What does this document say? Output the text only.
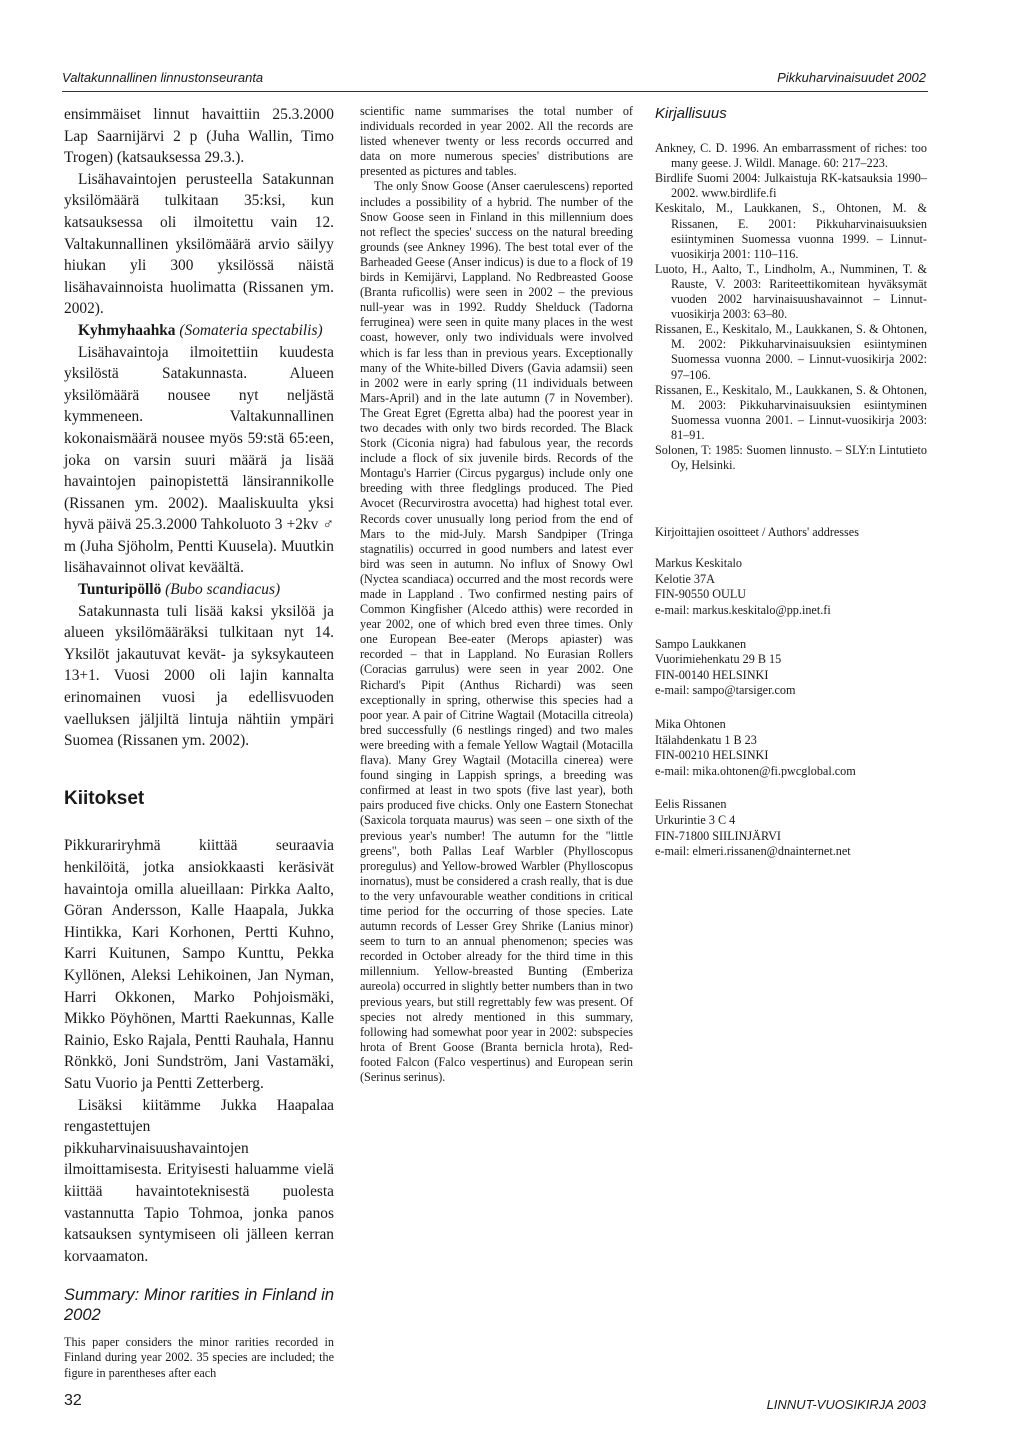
Valtakunnallinen linnustonseuranta	Pikkuharvinaisuudet 2002

ensimmäiset linnut havaittiin 25.3.2000 Lap Saarnijärvi 2 p (Juha Wallin, Timo Trogen) (katsauksessa 29.3.).

Lisähavaintojen perusteella Satakunnan yksilömäärä tulkitaan 35:ksi, kun katsauksessa oli ilmoitettu vain 12. Valtakunnallinen yksilömäärä arvio säilyy hiukan yli 300 yksilössä näistä lisähavainnoista huolimatta (Rissanen ym. 2002).

Kyhmyhaahka (Somateria spectabilis)

Lisähavaintoja ilmoitettiin kuudesta yksilöstä Satakunnasta. Alueen yksilömäärä nousee nyt neljästä kymmeneen. Valtakunnallinen kokonaismäärä nousee myös 59:stä 65:een, joka on varsin suuri määrä ja lisää havaintojen painopistettä länsirannikolle (Rissanen ym. 2002). Maaliskuulta yksi hyvä päivä 25.3.2000 Tahkoluoto 3 +2kv ♂ m (Juha Sjöholm, Pentti Kuusela). Muutkin lisähavainnot olivat keväältä.

Tunturipöllö (Bubo scandiacus)

Satakunnasta tuli lisää kaksi yksilöä ja alueen yksilömääräksi tulkitaan nyt 14. Yksilöt jakautuvat kevät- ja syksykauteen 13+1. Vuosi 2000 oli lajin kannalta erinomainen vuosi ja edellisvuoden vaelluksen jäljiltä lintuja nähtiin ympäri Suomea (Rissanen ym. 2002).

Kiitokset

Pikkurariryhmä kiittää seuraavia henkilöitä, jotka ansiokkaasti keräsivät havaintoja omilla alueillaan: Pirkka Aalto, Göran Andersson, Kalle Haapala, Jukka Hintikka, Kari Korhonen, Pertti Kuhno, Karri Kuitunen, Sampo Kunttu, Pekka Kyllönen, Aleksi Lehikoinen, Jan Nyman, Harri Okkonen, Marko Pohjoismäki, Mikko Pöyhönen, Martti Raekunnas, Kalle Rainio, Esko Rajala, Pentti Rauhala, Hannu Rönkkö, Joni Sundström, Jani Vastamäki, Satu Vuorio ja Pentti Zetterberg.

Lisäksi kiitämme Jukka Haapalaa rengastettujen pikkuharvinaisuushavaintojen ilmoittamisesta. Erityisesti haluamme vielä kiittää havaintoteknisestä puolesta vastannutta Tapio Tohmoa, jonka panos katsauksen syntymiseen oli jälleen kerran korvaamaton.

Summary: Minor rarities in Finland in 2002

This paper considers the minor rarities recorded in Finland during year 2002. 35 species are included; the figure in parentheses after each

scientific name summarises the total number of individuals recorded in year 2002. All the records are listed whenever twenty or less records occurred and data on more numerous species' distributions are presented as pictures and tables.

The only Snow Goose (Anser caerulescens) reported includes a possibility of a hybrid. The number of the Snow Goose seen in Finland in this millennium does not reflect the species' success on the natural breeding grounds (see Ankney 1996). The best total ever of the Barheaded Geese (Anser indicus) is due to a flock of 19 birds in Kemijärvi, Lappland. No Redbreasted Goose (Branta ruficollis) were seen in 2002 – the previous null-year was in 1992. Ruddy Shelduck (Tadorna ferruginea) were seen in quite many places in the west coast, however, only two individuals were involved which is far less than in previous years. Exceptionally many of the White-billed Divers (Gavia adamsii) seen in 2002 were in early spring (11 individuals between Mars-April) and in the late autumn (7 in November). The Great Egret (Egretta alba) had the poorest year in two decades with only two birds recorded. The Black Stork (Ciconia nigra) had fabulous year, the records include a flock of six juvenile birds. Records of the Montagu's Harrier (Circus pygargus) include only one breeding with three fledglings produced. The Pied Avocet (Recurvirostra avocetta) had highest total ever. Records cover unusually long period from the end of Mars to the mid-July. Marsh Sandpiper (Tringa stagnatilis) occurred in good numbers and latest ever bird was seen in autumn. No influx of Snowy Owl (Nyctea scandiaca) occurred and the most records were made in Lappland . Two confirmed nesting pairs of Common Kingfisher (Alcedo atthis) were recorded in year 2002, one of which bred even three times. Only one European Bee-eater (Merops apiaster) was recorded – that in Lappland. No Eurasian Rollers (Coracias garrulus) were seen in year 2002. One Richard's Pipit (Anthus Richardi) was seen exceptionally in spring, otherwise this species had a poor year. A pair of Citrine Wagtail (Motacilla citreola) bred successfully (6 nestlings ringed) and two males were breeding with a female Yellow Wagtail (Motacilla flava). Many Grey Wagtail (Motacilla cinerea) were found singing in Lappish springs, a breeding was confirmed at least in two spots (five last year), both pairs produced five chicks. Only one Eastern Stonechat (Saxicola torquata maurus) was seen – one sixth of the previous year's number! The autumn for the "little greens", both Pallas Leaf Warbler (Phylloscopus proregulus) and Yellow-browed Warbler (Phylloscopus inornatus), must be considered a crash really, that is due to the very unfavourable weather conditions in critical time period for the occurring of those species. Late autumn records of Lesser Grey Shrike (Lanius minor) seem to turn to an annual phenomenon; species was recorded in October already for the third time in this millennium. Yellow-breasted Bunting (Emberiza aureola) occurred in slightly better numbers than in two previous years, but still regrettably few was present. Of species not alredy mentioned in this summary, following had somewhat poor year in 2002: subspecies hrota of Brent Goose (Branta bernicla hrota), Red-footed Falcon (Falco vespertinus) and European serin (Serinus serinus).

Kirjallisuus

Ankney, C. D. 1996. An embarrassment of riches: too many geese. J. Wildl. Manage. 60: 217–223.

Birdlife Suomi 2004: Julkaistuja RK-katsauksia 1990–2002. www.birdlife.fi

Keskitalo, M., Laukkanen, S., Ohtonen, M. & Rissanen, E. 2001: Pikkuharvinaisuuksien esiintyminen Suomessa vuonna 1999. – Linnut-vuosikirja 2001: 110–116.

Luoto, H., Aalto, T., Lindholm, A., Numminen, T. & Rauste, V. 2003: Rariteettikomitean hyväksymät vuoden 2002 harvinaisuushavainnot – Linnut-vuosikirja 2003: 63–80.

Rissanen, E., Keskitalo, M., Laukkanen, S. & Ohtonen, M. 2002: Pikkuharvinaisuuksien esiintyminen Suomessa vuonna 2000. – Linnut-vuosikirja 2002: 97–106.

Rissanen, E., Keskitalo, M., Laukkanen, S. & Ohtonen, M. 2003: Pikkuharvinaisuuksien esiintyminen Suomessa vuonna 2001. – Linnut-vuosikirja 2003: 81–91.

Solonen, T: 1985: Suomen linnusto. – SLY:n Lintutieto Oy, Helsinki.

Kirjoittajien osoitteet / Authors' addresses

Markus Keskitalo
Kelotie 37A
FIN-90550 OULU
e-mail: markus.keskitalo@pp.inet.fi
Sampo Laukkanen
Vuorimiehenkatu 29 B 15
FIN-00140 HELSINKI
e-mail: sampo@tarsiger.com
Mika Ohtonen
Itälahdenkatu 1 B 23
FIN-00210 HELSINKI
e-mail: mika.ohtonen@fi.pwcglobal.com
Eelis Rissanen
Urkurintie 3 C 4
FIN-71800 SIILINJÄRVI
e-mail: elmeri.rissanen@dnainternet.net
32	LINNUT-VUOSIKIRJA 2003
